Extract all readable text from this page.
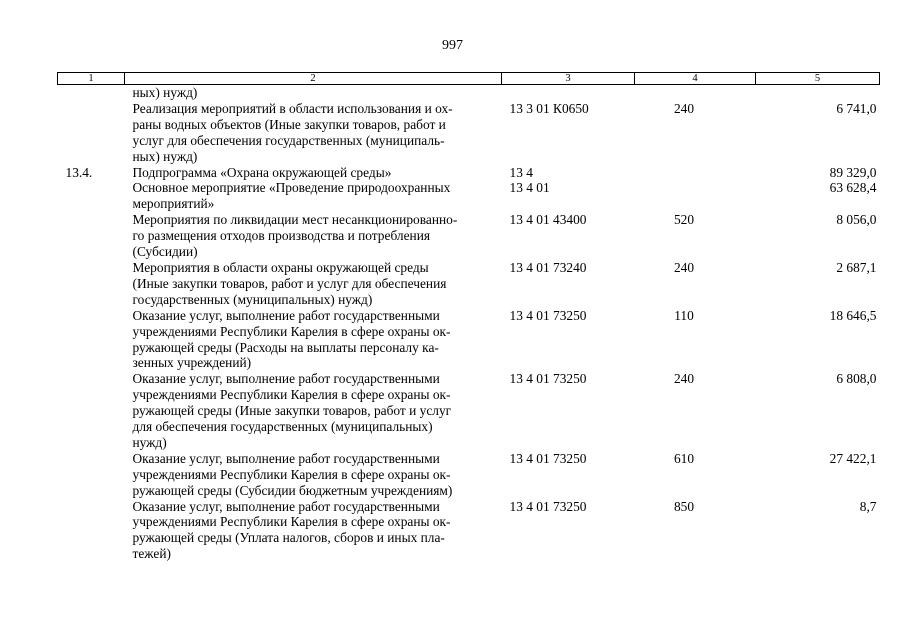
997
1	2	3	4	5
	ных) нужд)			
	Реализация мероприятий в области использования и ох-
раны водных объектов (Иные закупки товаров, работ и
услуг для обеспечения государственных (муниципаль-
ных) нужд)	13 3 01 К0650	240	6 741,0
13.4.	Подпрограмма «Охрана окружающей среды»	13 4		89 329,0
	Основное мероприятие «Проведение природоохранных
мероприятий»	13 4 01		63 628,4
	Мероприятия по ликвидации мест несанкционированно-
го размещения отходов производства и потребления
(Субсидии)	13 4 01 43400	520	8 056,0
	Мероприятия в области охраны окружающей среды
(Иные закупки товаров, работ и услуг для обеспечения
государственных (муниципальных) нужд)	13 4 01 73240	240	2 687,1
	Оказание услуг, выполнение работ государственными
учреждениями Республики Карелия в сфере охраны ок-
ружающей среды (Расходы на выплаты персоналу ка-
зенных учреждений)	13 4 01 73250	110	18 646,5
	Оказание услуг, выполнение работ государственными
учреждениями Республики Карелия в сфере охраны ок-
ружающей среды (Иные закупки товаров, работ и услуг
для обеспечения государственных (муниципальных)
нужд)	13 4 01 73250	240	6 808,0
	Оказание услуг, выполнение работ государственными
учреждениями Республики Карелия в сфере охраны ок-
ружающей среды (Субсидии бюджетным учреждениям)	13 4 01 73250	610	27 422,1
	Оказание услуг, выполнение работ государственными
учреждениями Республики Карелия в сфере охраны ок-
ружающей среды (Уплата налогов, сборов и иных пла-
тежей)	13 4 01 73250	850	8,7
